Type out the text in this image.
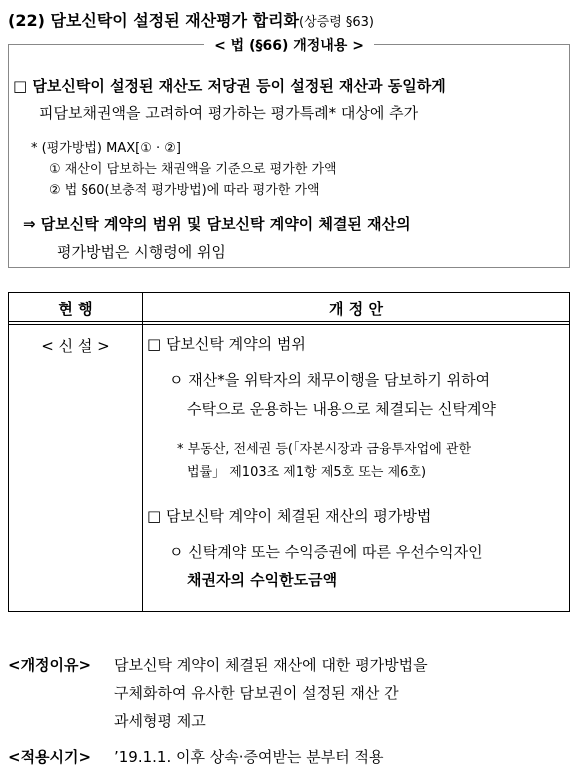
(22) 담보신탁이 설정된 재산평가 합리화(상증령 §63)
< 법 (§66) 개정내용 >
□ 담보신탁이 설정된 재산도 저당권 등이 설정된 재산과 동일하게
피담보채권액을 고려하여 평가하는 평가특례* 대상에 추가
* (평가방법) MAX[① · ②]
① 재산이 담보하는 채권액을 기준으로 평가한 가액
② 법 §60(보충적 평가방법)에 따라 평가한 가액
⇒ 담보신탁 계약의 범위 및 담보신탁 계약이 체결된 재산의
평가방법은 시행령에 위임
현 행	개 정 안
< 신 설 >	□ 담보신탁 계약의 범위
ㅇ 재산*을 위탁자의 채무이행을 담보하기 위하여
수탁으로 운용하는 내용으로 체결되는 신탁계약
* 부동산, 전세권 등(「자본시장과 금융투자업에 관한
법률」 제103조 제1항 제5호 또는 제6호)
□ 담보신탁 계약이 체결된 재산의 평가방법
ㅇ 신탁계약 또는 수익증권에 따른 우선수익자인
채권자의 수익한도금액
<개정이유> 담보신탁 계약이 체결된 재산에 대한 평가방법을
구체화하여 유사한 담보권이 설정된 재산 간
과세형평 제고
<적용시기> ’19.1.1. 이후 상속·증여받는 분부터 적용
